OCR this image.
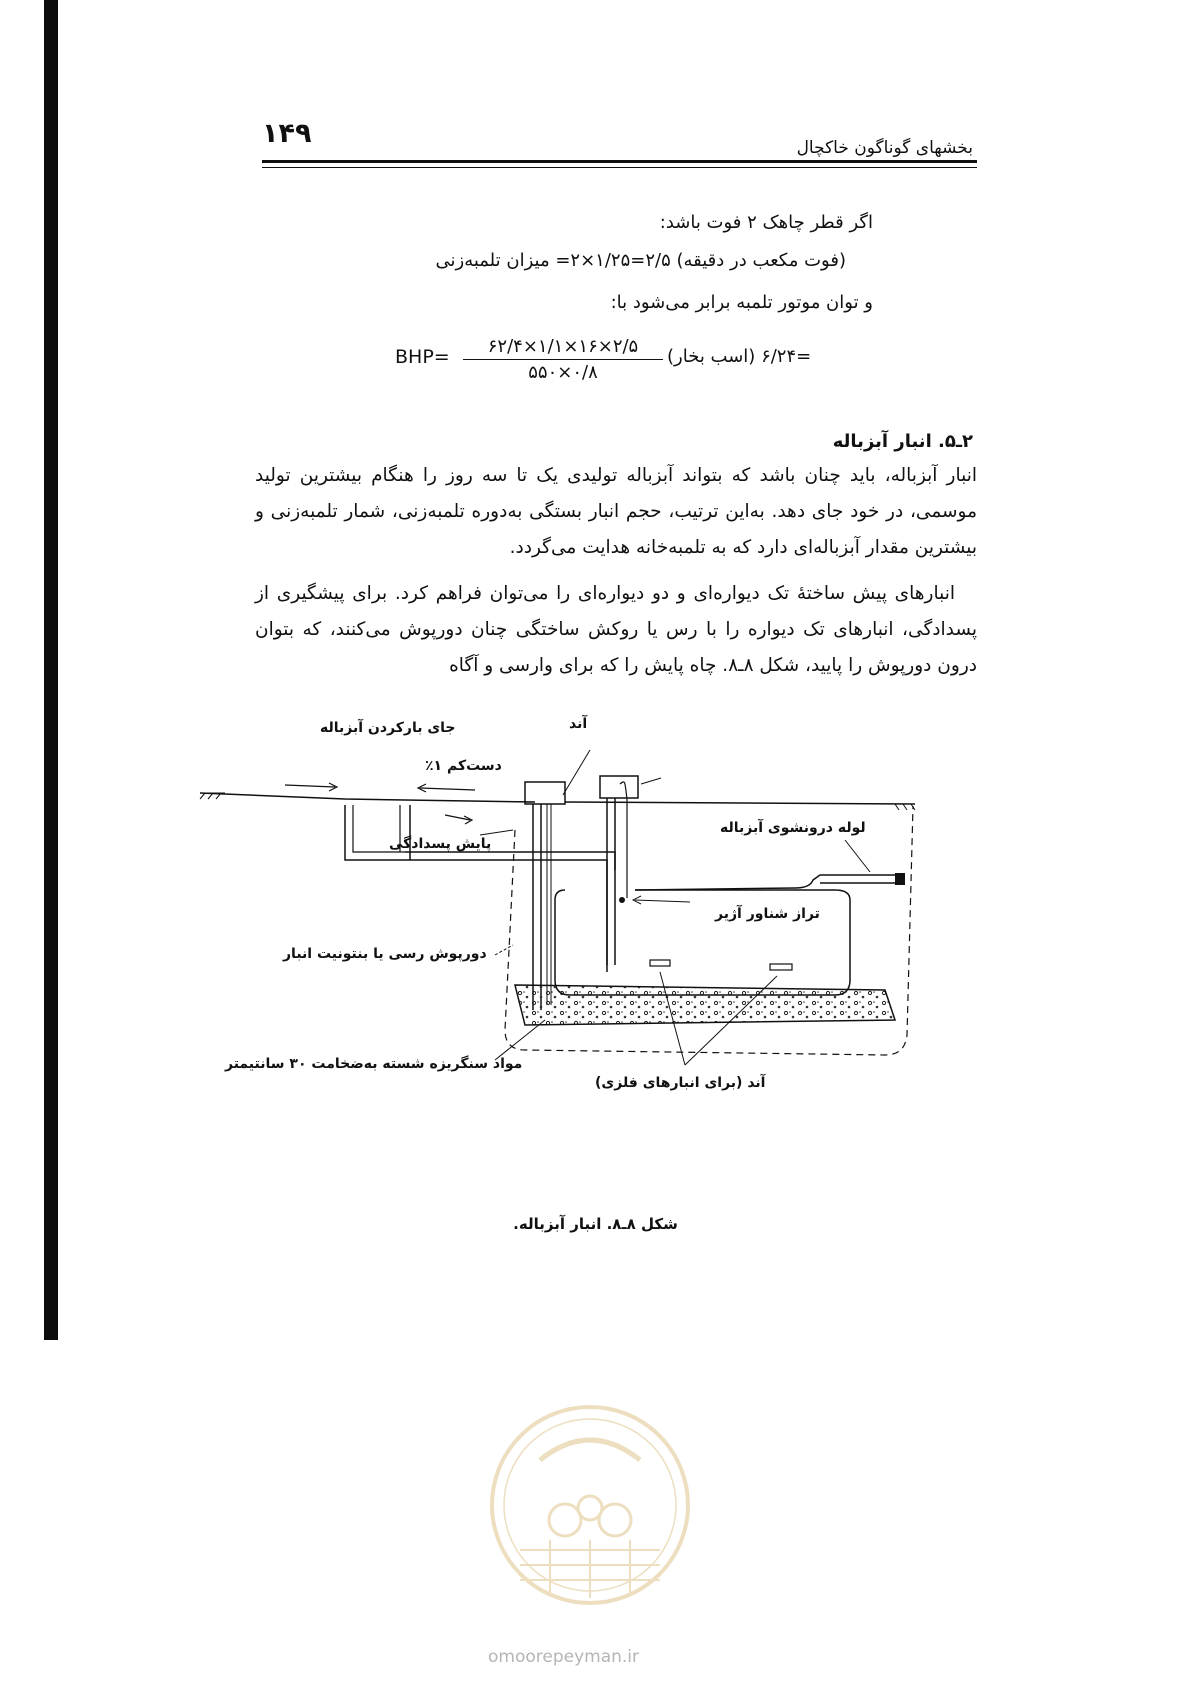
۱۴۹	بخشهای گوناگون خاکچال
اگر قطر چاهک ۲ فوت باشد:
(فوت مکعب در دقیقه) ۲/۵=۱/۲۵×۲= میزان تلمبه‌زنی
و توان موتور تلمبه برابر می‌شود با:
BHP=	۶۲/۴×۱/۱×۱۶×۲/۵
۵۵۰×۰/۸
=۶/۲۴ (اسب بخار)
۲ـ۵. انبار آبزباله
انبار آبزباله، باید چنان باشد که بتواند آبزباله تولیدی یک تا سه روز را هنگام بیشترین تولید موسمی، در خود جای دهد. به‌این ترتیب، حجم انبار بستگی به‌دوره تلمبه‌زنی، شمار تلمبه‌زنی و بیشترین مقدار آبزباله‌ای دارد که به تلمبه‌خانه هدایت می‌گردد.
انبارهای پیش ساختهٔ تک دیواره‌ای و دو دیواره‌ای را می‌توان فراهم کرد. برای پیشگیری از پسدادگی، انبارهای تک دیواره را با رس یا روکش ساختگی چنان دورپوش می‌کنند، که بتوان درون دورپوش را پایید، شکل ۸ـ۸. چاه پایش را که برای وارسی و آگاه
آند
جای بارکردن آبزباله
دست‌کم ۱٪
پایش پسدادگی
لوله درونشوی آبزباله
تراز شناور آژیر
دورپوش رسی یا بنتونیت انبار
مواد سنگریزه شسته به‌ضخامت ۳۰ سانتیمتر
آند (برای انبارهای فلزی)
شکل ۸ـ۸. انبار آبزباله.
omoorepeyman.ir
